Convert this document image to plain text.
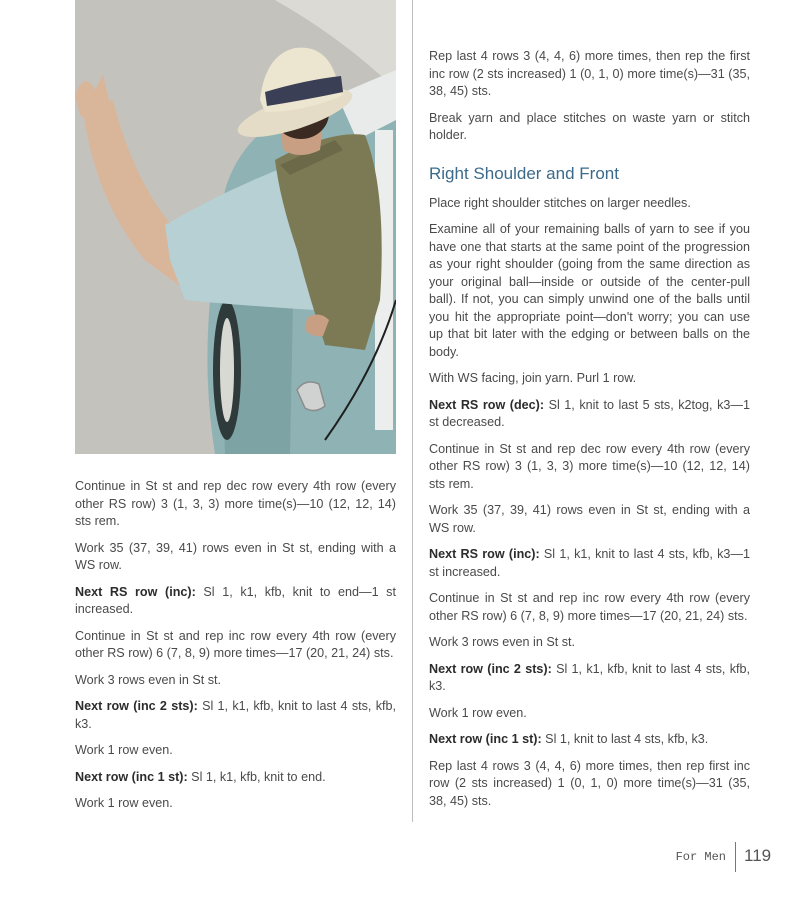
Continue in St st and rep dec row every 4th row (every other RS row) 3 (1, 3, 3) more time(s)—10 (12, 12, 14) sts rem.

Work 35 (37, 39, 41) rows even in St st, ending with a WS row.

Next RS row (inc): Sl 1, k1, kfb, knit to end—1 st increased.

Continue in St st and rep inc row every 4th row (every other RS row) 6 (7, 8, 9) more times—17 (20, 21, 24) sts.

Work 3 rows even in St st.

Next row (inc 2 sts): Sl 1, k1, kfb, knit to last 4 sts, kfb, k3.

Work 1 row even.

Next row (inc 1 st): Sl 1, k1, kfb, knit to end.

Work 1 row even.

Rep last 4 rows 3 (4, 4, 6) more times, then rep the first inc row (2 sts increased) 1 (0, 1, 0) more time(s)—31 (35, 38, 45) sts.

Break yarn and place stitches on waste yarn or stitch holder.

Right Shoulder and Front

Place right shoulder stitches on larger needles.

Examine all of your remaining balls of yarn to see if you have one that starts at the same point of the progression as your right shoulder (going from the same direction as your original ball—inside or outside of the center-pull ball). If not, you can simply unwind one of the balls until you hit the appropriate point—don't worry; you can use up that bit later with the edging or between balls on the body.

With WS facing, join yarn. Purl 1 row.

Next RS row (dec): Sl 1, knit to last 5 sts, k2tog, k3—1 st decreased.

Continue in St st and rep dec row every 4th row (every other RS row) 3 (1, 3, 3) more time(s)—10 (12, 12, 14) sts rem.

Work 35 (37, 39, 41) rows even in St st, ending with a WS row.

Next RS row (inc): Sl 1, k1, knit to last 4 sts, kfb, k3—1 st increased.

Continue in St st and rep inc row every 4th row (every other RS row) 6 (7, 8, 9) more times—17 (20, 21, 24) sts.

Work 3 rows even in St st.

Next row (inc 2 sts): Sl 1, k1, kfb, knit to last 4 sts, kfb, k3.

Work 1 row even.

Next row (inc 1 st): Sl 1, knit to last 4 sts, kfb, k3.

Rep last 4 rows 3 (4, 4, 6) more times, then rep first inc row (2 sts increased) 1 (0, 1, 0) more time(s)—31 (35, 38, 45) sts.

For Men 119
